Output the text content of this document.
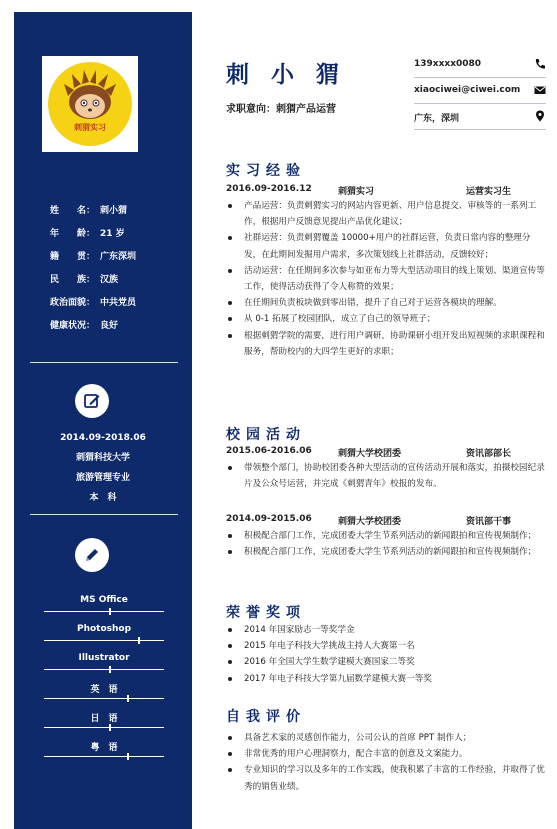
刺猬实习
姓　　名： 刺小猬
年　　龄： 21 岁
籍　　贯： 广东深圳
民　　族： 汉族
政治面貌： 中共党员
健康状况： 良好
2014.09-2018.06
刺猬科技大学
旅游管理专业
本　科
MS Office
Photoshop
Illustrator
英　语
日　语
粤　语
刺小猬
求职意向：刺猬产品运营
139xxxx0080
xiaociwei@ciwei.com
广东，深圳
实习经验
2016.09-2016.12	刺猬实习	运营实习生
产品运营：负责刺猬实习的网站内容更新、用户信息提交、审核等的一系列工作，根据用户反馈意见提出产品优化建议；
社群运营：负责刺猬覆盖 10000+用户的社群运营，负责日常内容的整理分发，在此期间发掘用户需求，多次策划线上社群活动，反馈较好；
活动运营：在任期间多次参与如亚布力等大型活动项目的线上策划、渠道宣传等工作，使得活动获得了令人称赞的效果；
在任期间负责板块做到零出错，提升了自己对于运营各模块的理解。
从 0-1 拓展了校园团队，成立了自己的领导班子；
根据刺猬学院的需要，进行用户调研，协助课研小组开发出短视频的求职课程和服务，帮助校内的大四学生更好的求职；
校园活动
2015.06-2016.06	刺猬大学校团委	资讯部部长
带领整个部门，协助校团委各种大型活动的宣传活动开展和落实，拍摄校园纪录片及公众号运营，并完成《刺猬青年》校报的发布。
2014.09-2015.06	刺猬大学校团委	资讯部干事
积极配合部门工作，完成团委大学生节系列活动的新闻跟拍和宣传视频制作；
积极配合部门工作，完成团委大学生节系列活动的新闻跟拍和宣传视频制作；
荣誉奖项
2014 年国家励志一等奖学金
2015 年电子科技大学挑战主持人大赛第一名
2016 年全国大学生数学建模大赛国家二等奖
2017 年电子科技大学第九届数学建模大赛一等奖
自我评价
具备艺术家的灵感创作能力，公司公认的首席 PPT 制作人；
非常优秀的用户心理洞察力，配合丰富的创意及文案能力。
专业知识的学习以及多年的工作实践，使我积累了丰富的工作经验，并取得了优秀的销售业绩。
